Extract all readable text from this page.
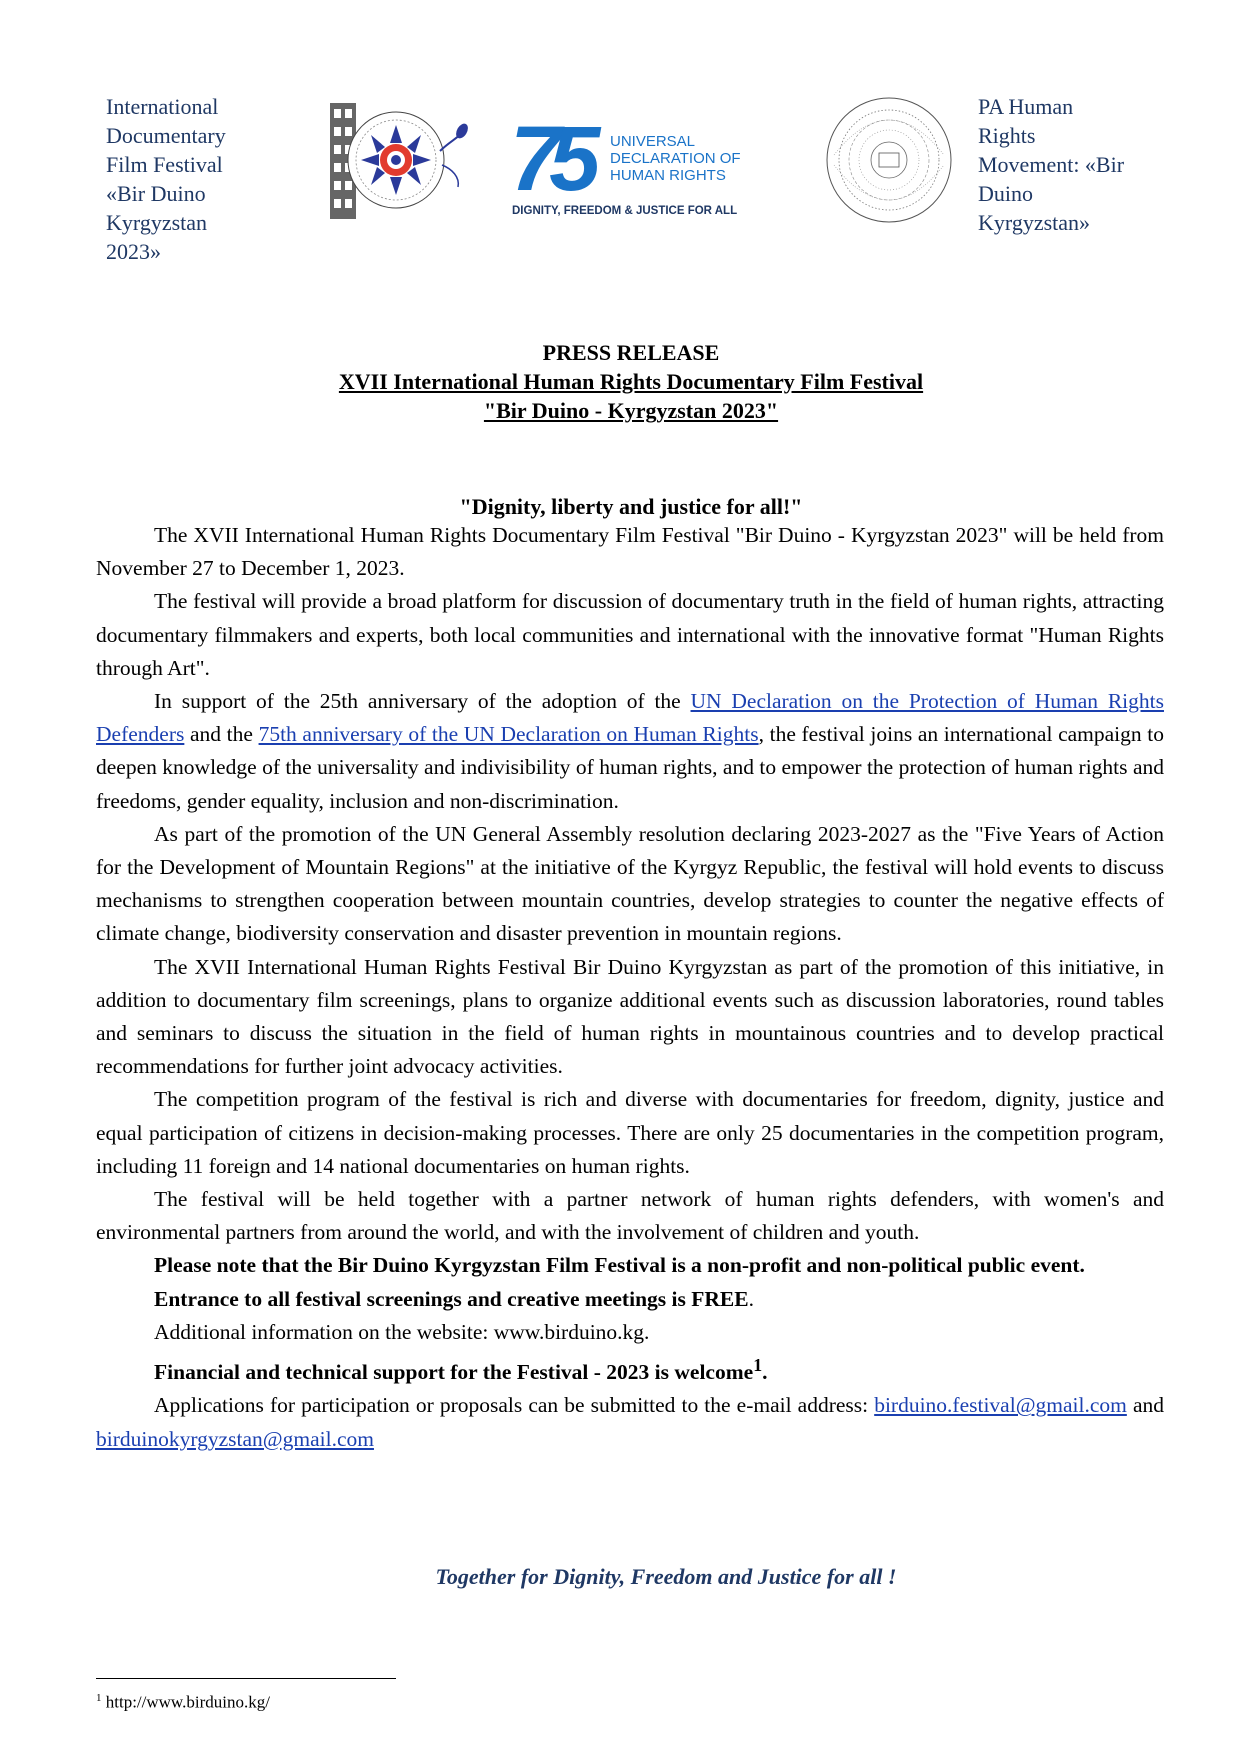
International
Documentary
Film Festival
«Bir Duino
Kyrgyzstan
2023»
75	UNIVERSAL
DECLARATION OF
HUMAN RIGHTS
DIGNITY, FREEDOM & JUSTICE FOR ALL
PA Human
Rights
Movement: «Bir
Duino
Kyrgyzstan»
PRESS RELEASE
XVII International Human Rights Documentary Film Festival
"Bir Duino - Kyrgyzstan 2023"
"Dignity, liberty and justice for all!"

The XVII International Human Rights Documentary Film Festival "Bir Duino - Kyrgyzstan 2023" will be held from November 27 to December 1, 2023.

The festival will provide a broad platform for discussion of documentary truth in the field of human rights, attracting documentary filmmakers and experts, both local communities and international with the innovative format "Human Rights through Art".

In support of the 25th anniversary of the adoption of the UN Declaration on the Protection of Human Rights Defenders and the 75th anniversary of the UN Declaration on Human Rights, the festival joins an international campaign to deepen knowledge of the universality and indivisibility of human rights, and to empower the protection of human rights and freedoms, gender equality, inclusion and non-discrimination.

As part of the promotion of the UN General Assembly resolution declaring 2023-2027 as the "Five Years of Action for the Development of Mountain Regions" at the initiative of the Kyrgyz Republic, the festival will hold events to discuss mechanisms to strengthen cooperation between mountain countries, develop strategies to counter the negative effects of climate change, biodiversity conservation and disaster prevention in mountain regions.

The XVII International Human Rights Festival Bir Duino Kyrgyzstan as part of the promotion of this initiative, in addition to documentary film screenings, plans to organize additional events such as discussion laboratories, round tables and seminars to discuss the situation in the field of human rights in mountainous countries and to develop practical recommendations for further joint advocacy activities.

The competition program of the festival is rich and diverse with documentaries for freedom, dignity, justice and equal participation of citizens in decision-making processes. There are only 25 documentaries in the competition program, including 11 foreign and 14 national documentaries on human rights.

The festival will be held together with a partner network of human rights defenders, with women's and environmental partners from around the world, and with the involvement of children and youth.

Please note that the Bir Duino Kyrgyzstan Film Festival is a non-profit and non-political public event.

Entrance to all festival screenings and creative meetings is FREE.

Additional information on the website: www.birduino.kg.

Financial and technical support for the Festival - 2023 is welcome$^1$.

Applications for participation or proposals can be submitted to the e-mail address: birduino.festival@gmail.com and birduinokyrgyzstan@gmail.com

Together for Dignity, Freedom and Justice for all !
$^1$ http://www.birduino.kg/
